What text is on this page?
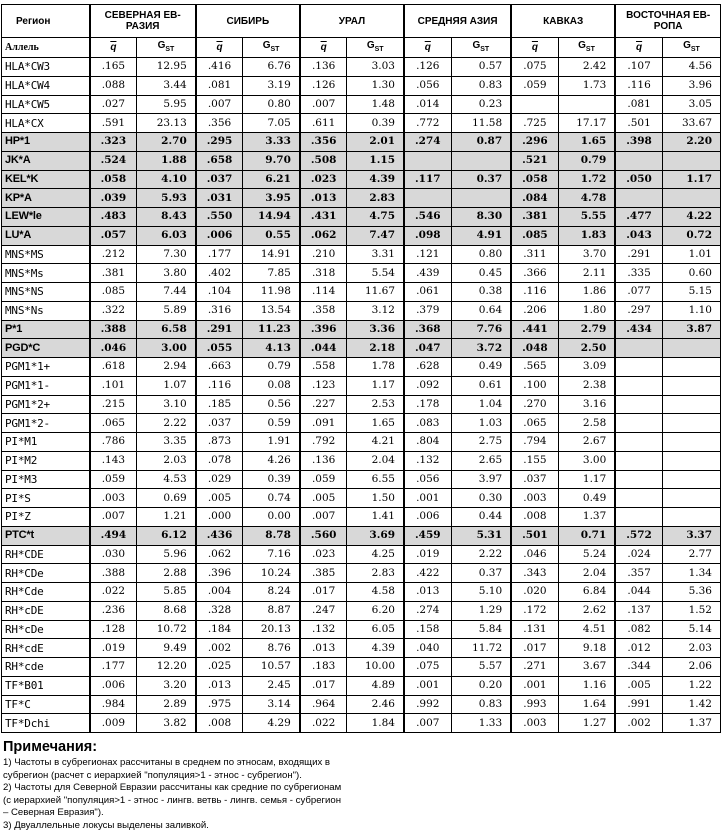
Регион	СЕВЕРНАЯ ЕВ-
РАЗИЯ		СИБИРЬ		УРАЛ		СРЕДНЯЯ АЗИЯ		КАВКАЗ		ВОСТОЧНАЯ ЕВ-
РОПА	
Аллель	$\overline{q}$	$G_{ST}$	$\overline{q}$	$G_{ST}$	$\overline{q}$	$G_{ST}$	$\overline{q}$	$G_{ST}$	$\overline{q}$	$G_{ST}$	$\overline{q}$	$G_{ST}$
HLA*CW3	.165	12.95	.416	6.76	.136	3.03	.126	0.57	.075	2.42	.107	4.56
HLA*CW4	.088	3.44	.081	3.19	.126	1.30	.056	0.83	.059	1.73	.116	3.96
HLA*CW5	.027	5.95	.007	0.80	.007	1.48	.014	0.23			.081	3.05
HLA*CX	.591	23.13	.356	7.05	.611	0.39	.772	11.58	.725	17.17	.501	33.67
HP*1	.323	2.70	.295	3.33	.356	2.01	.274	0.87	.296	1.65	.398	2.20
JK*A	.524	1.88	.658	9.70	.508	1.15			.521	0.79		
KEL*K	.058	4.10	.037	6.21	.023	4.39	.117	0.37	.058	1.72	.050	1.17
KP*A	.039	5.93	.031	3.95	.013	2.83			.084	4.78		
LEW*le	.483	8.43	.550	14.94	.431	4.75	.546	8.30	.381	5.55	.477	4.22
LU*A	.057	6.03	.006	0.55	.062	7.47	.098	4.91	.085	1.83	.043	0.72
MNS*MS	.212	7.30	.177	14.91	.210	3.31	.121	0.80	.311	3.70	.291	1.01
MNS*Ms	.381	3.80	.402	7.85	.318	5.54	.439	0.45	.366	2.11	.335	0.60
MNS*NS	.085	7.44	.104	11.98	.114	11.67	.061	0.38	.116	1.86	.077	5.15
MNS*Ns	.322	5.89	.316	13.54	.358	3.12	.379	0.64	.206	1.80	.297	1.10
P*1	.388	6.58	.291	11.23	.396	3.36	.368	7.76	.441	2.79	.434	3.87
PGD*C	.046	3.00	.055	4.13	.044	2.18	.047	3.72	.048	2.50		
PGM1*1+	.618	2.94	.663	0.79	.558	1.78	.628	0.49	.565	3.09		
PGM1*1-	.101	1.07	.116	0.08	.123	1.17	.092	0.61	.100	2.38		
PGM1*2+	.215	3.10	.185	0.56	.227	2.53	.178	1.04	.270	3.16		
PGM1*2-	.065	2.22	.037	0.59	.091	1.65	.083	1.03	.065	2.58		
PI*M1	.786	3.35	.873	1.91	.792	4.21	.804	2.75	.794	2.67		
PI*M2	.143	2.03	.078	4.26	.136	2.04	.132	2.65	.155	3.00		
PI*M3	.059	4.53	.029	0.39	.059	6.55	.056	3.97	.037	1.17		
PI*S	.003	0.69	.005	0.74	.005	1.50	.001	0.30	.003	0.49		
PI*Z	.007	1.21	.000	0.00	.007	1.41	.006	0.44	.008	1.37		
PTC*t	.494	6.12	.436	8.78	.560	3.69	.459	5.31	.501	0.71	.572	3.37
RH*CDE	.030	5.96	.062	7.16	.023	4.25	.019	2.22	.046	5.24	.024	2.77
RH*CDe	.388	2.88	.396	10.24	.385	2.83	.422	0.37	.343	2.04	.357	1.34
RH*Cde	.022	5.85	.004	8.24	.017	4.58	.013	5.10	.020	6.84	.044	5.36
RH*cDE	.236	8.68	.328	8.87	.247	6.20	.274	1.29	.172	2.62	.137	1.52
RH*cDe	.128	10.72	.184	20.13	.132	6.05	.158	5.84	.131	4.51	.082	5.14
RH*cdE	.019	9.49	.002	8.76	.013	4.39	.040	11.72	.017	9.18	.012	2.03
RH*cde	.177	12.20	.025	10.57	.183	10.00	.075	5.57	.271	3.67	.344	2.06
TF*B01	.006	3.20	.013	2.45	.017	4.89	.001	0.20	.001	1.16	.005	1.22
TF*C	.984	2.89	.975	3.14	.964	2.46	.992	0.83	.993	1.64	.991	1.42
TF*Dchi	.009	3.82	.008	4.29	.022	1.84	.007	1.33	.003	1.27	.002	1.37
Примечания:

1) Частоты в субрегионах рассчитаны в среднем по этносам, входящих в

субрегион (расчет с иерархией "популяция>1 - этнос - субрегион").

2) Частоты для Северной Евразии рассчитаны как средние по субрегионам

(с иерархией "популяция>1 - этнос - лингв. ветвь - лингв. семья - субрегион

– Северная Евразия").

3) Двуаллельные локусы выделены заливкой.
